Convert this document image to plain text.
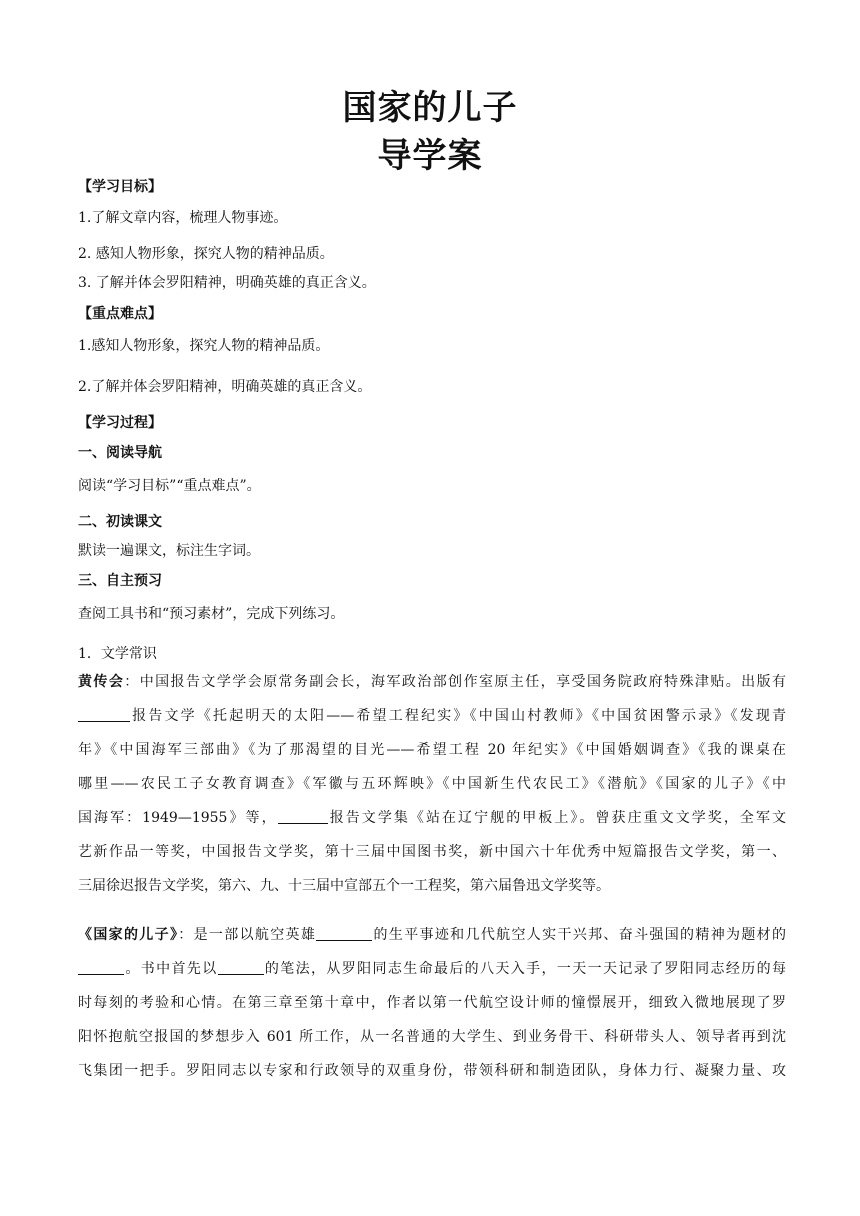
国家的儿子
导学案
【学习目标】
1.了解文章内容，梳理人物事迹。
2. 感知人物形象，探究人物的精神品质。
3. 了解并体会罗阳精神，明确英雄的真正含义。
【重点难点】
1.感知人物形象，探究人物的精神品质。
2.了解并体会罗阳精神，明确英雄的真正含义。
【学习过程】
一、阅读导航
阅读“学习目标”“重点难点”。
二、初读课文
默读一遍课文，标注生字词。
三、自主预习
查阅工具书和“预习素材”，完成下列练习。
1．文学常识
黄传会：中国报告文学学会原常务副会长，海军政治部创作室原主任，享受国务院政府特殊津贴。出版有
报告文学《托起明天的太阳——希望工程纪实》《中国山村教师》《中国贫困警示录》《发现青
年》《中国海军三部曲》《为了那渴望的目光——希望工程 20 年纪实》《中国婚姻调查》《我的课桌在
哪里——农民工子女教育调查》《军徽与五环辉映》《中国新生代农民工》《潜航》《国家的儿子》《中
国海军：1949—1955》等，	报告文学集《站在辽宁舰的甲板上》。曾获庄重文文学奖，全军文
艺新作品一等奖，中国报告文学奖，第十三届中国图书奖，新中国六十年优秀中短篇报告文学奖，第一、
三届徐迟报告文学奖，第六、九、十三届中宣部五个一工程奖，第六届鲁迅文学奖等。
《国家的儿子》：是一部以航空英雄	的生平事迹和几代航空人实干兴邦、奋斗强国的精神为题材的
。书中首先以	的笔法，从罗阳同志生命最后的八天入手，一天一天记录了罗阳同志经历的每
时每刻的考验和心情。在第三章至第十章中，作者以第一代航空设计师的憧憬展开，细致入微地展现了罗
阳怀抱航空报国的梦想步入 601 所工作，从一名普通的大学生、到业务骨干、科研带头人、领导者再到沈
飞集团一把手。罗阳同志以专家和行政领导的双重身份，带领科研和制造团队，身体力行、凝聚力量、攻
